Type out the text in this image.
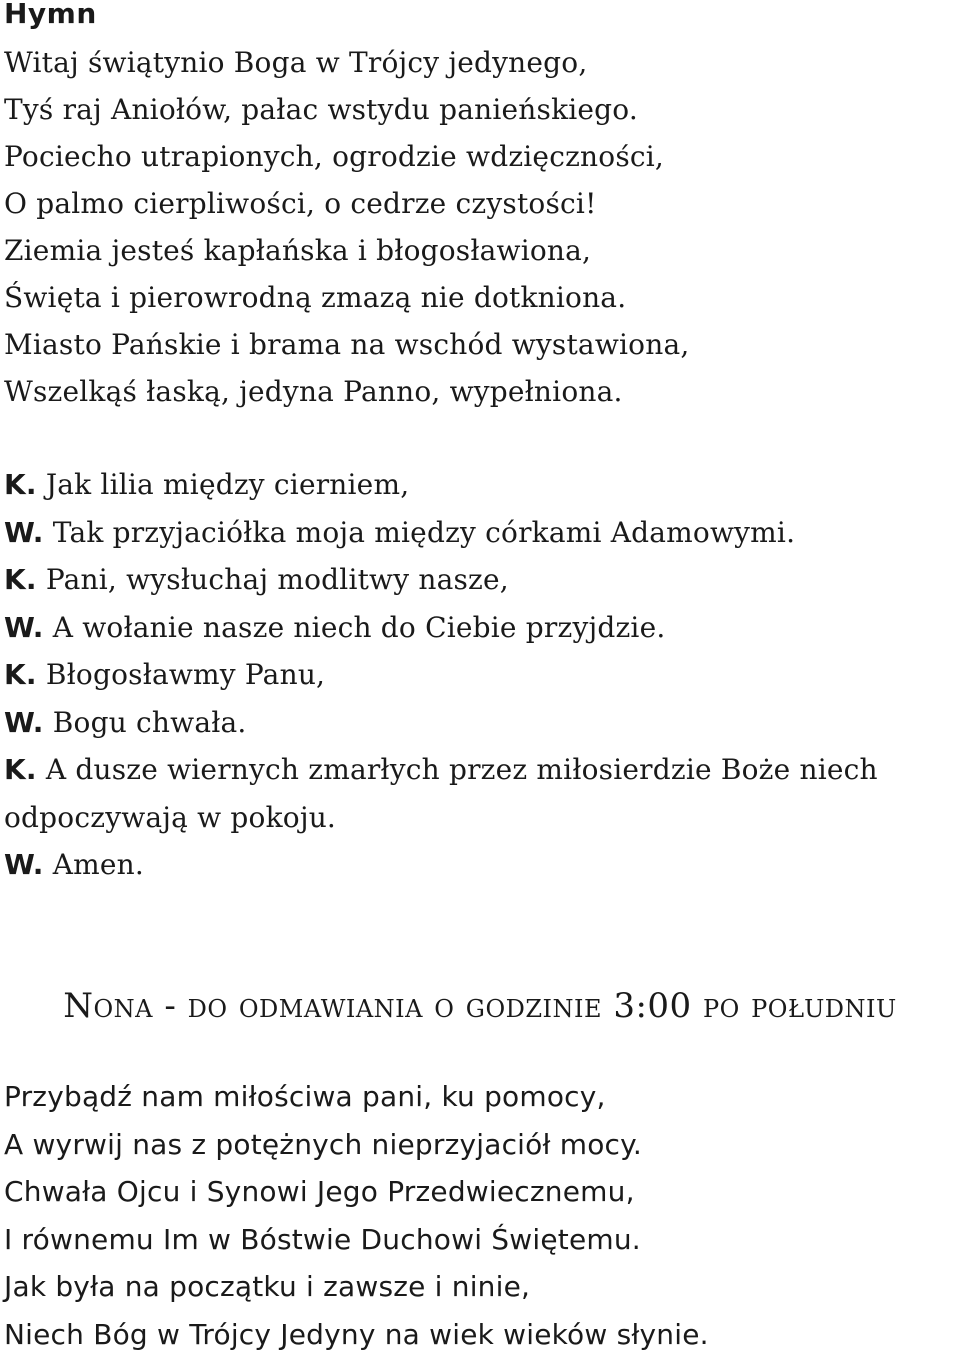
Hymn
Witaj świątynio Boga w Trójcy jedynego,
Tyś raj Aniołów, pałac wstydu panieńskiego.
Pociecho utrapionych, ogrodzie wdzięczności,
O palmo cierpliwości, o cedrze czystości!
Ziemia jesteś kapłańska i błogosławiona,
Święta i pierowrodną zmazą nie dotkniona.
Miasto Pańskie i brama na wschód wystawiona,
Wszelkąś łaską, jedyna Panno, wypełniona.
K. Jak lilia między cierniem,
W. Tak przyjaciółka moja między córkami Adamowymi.
K. Pani, wysłuchaj modlitwy nasze,
W. A wołanie nasze niech do Ciebie przyjdzie.
K. Błogosławmy Panu,
W. Bogu chwała.
K. A dusze wiernych zmarłych przez miłosierdzie Boże niech
odpoczywają w pokoju.
W. Amen.
Nona - do odmawiania o godzinie 3:00 po południu
Przybądź nam miłościwa pani, ku pomocy,
A wyrwij nas z potężnych nieprzyjaciół mocy.
Chwała Ojcu i Synowi Jego Przedwiecznemu,
I równemu Im w Bóstwie Duchowi Świętemu.
Jak była na początku i zawsze i ninie,
Niech Bóg w Trójcy Jedyny na wiek wieków słynie.
